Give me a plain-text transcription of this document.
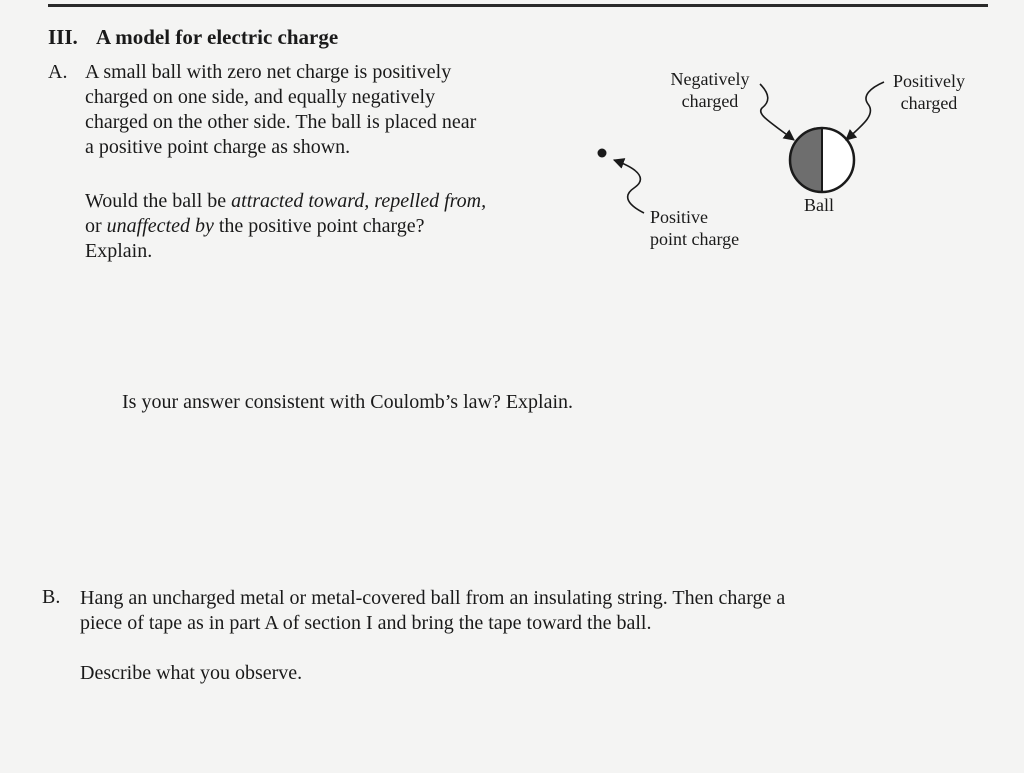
III. A model for electric charge
A. A small ball with zero net charge is positively
charged on one side, and equally negatively
charged on the other side. The ball is placed near
a positive point charge as shown.
Would the ball be attracted toward, repelled from,
or unaffected by the positive point charge?
Explain.
Is your answer consistent with Coulomb’s law? Explain.
Negatively
charged
Positively
charged
Ball
Positive
point charge
B. Hang an uncharged metal or metal-covered ball from an insulating string. Then charge a
piece of tape as in part A of section I and bring the tape toward the ball.
Describe what you observe.
